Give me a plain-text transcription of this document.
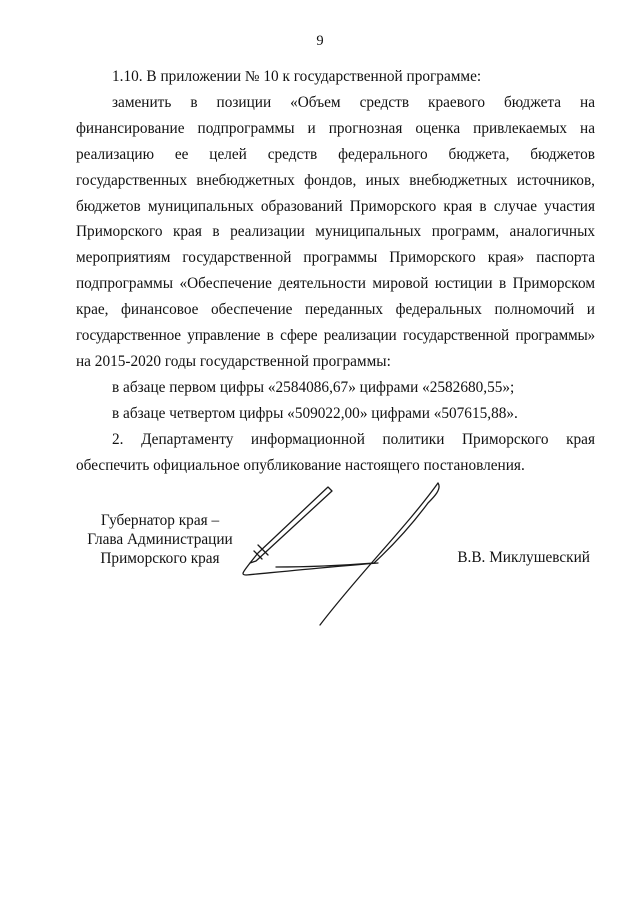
9

1.10. В приложении № 10 к государственной программе:

заменить в позиции «Объем средств краевого бюджета на
финансирование подпрограммы и прогнозная оценка привлекаемых на
реализацию ее целей средств федерального бюджета, бюджетов
государственных внебюджетных фондов, иных внебюджетных источников,
бюджетов муниципальных образований Приморского края в случае участия
Приморского края в реализации муниципальных программ, аналогичных
мероприятиям государственной программы Приморского края» паспорта
подпрограммы «Обеспечение деятельности мировой юстиции в Приморском
крае, финансовое обеспечение переданных федеральных полномочий и
государственное управление в сфере реализации государственной программы»
на 2015-2020 годы государственной программы:

в абзаце первом цифры «2584086,67» цифрами «2582680,55»;

в абзаце четвертом цифры «509022,00» цифрами «507615,88».

2. Департаменту информационной политики Приморского края
обеспечить официальное опубликование настоящего постановления.

Губернатор края –
Глава Администрации
Приморского края	В.В. Миклушевский
